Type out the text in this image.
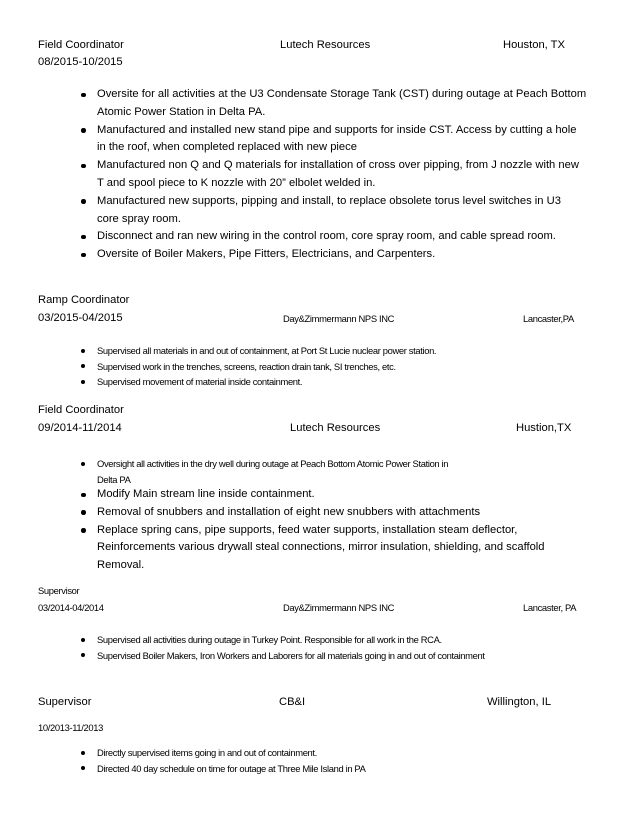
Field Coordinator	Lutech Resources	Houston, TX
08/2015-10/2015
Oversite for all activities at the U3 Condensate Storage Tank (CST) during outage at Peach Bottom
Atomic Power Station in Delta PA.
Manufactured and installed new stand pipe and supports for inside CST. Access by cutting a hole
in the roof, when completed replaced with new piece
Manufactured non Q and Q materials for installation of cross over pipping, from J nozzle with new
T and spool piece to K nozzle with 20” elbolet welded in.
Manufactured new supports, pipping and install, to replace obsolete torus level switches in U3
core spray room.
Disconnect and ran new wiring in the control room, core spray room, and cable spread room.
Oversite of Boiler Makers, Pipe Fitters, Electricians, and Carpenters.
Ramp Coordinator
03/2015-04/2015	Day&Zimmermann NPS INC	Lancaster,PA
Supervised all materials in and out of containment, at Port St Lucie nuclear power station.
Supervised work in the trenches, screens, reaction drain tank, SI trenches, etc.
Supervised movement of material inside containment.
Field Coordinator
09/2014-11/2014	Lutech Resources	Hustion,TX
Oversight all activities in the dry well during outage at Peach Bottom Atomic Power Station in
Delta PA
Modify Main stream line inside containment.
Removal of snubbers and installation of eight new snubbers with attachments
Replace spring cans, pipe supports, feed water supports, installation steam deflector,
Reinforcements various drywall steal connections, mirror insulation, shielding, and scaffold
Removal.
Supervisor
03/2014-04/2014	Day&Zimmermann NPS INC	Lancaster, PA
Supervised all activities during outage in Turkey Point. Responsible for all work in the RCA.
Supervised Boiler Makers, Iron Workers and Laborers for all materials going in and out of containment
Supervisor	CB&I	Willington, IL
10/2013-11/2013
Directly supervised items going in and out of containment.
Directed 40 day schedule on time for outage at Three Mile Island in PA
